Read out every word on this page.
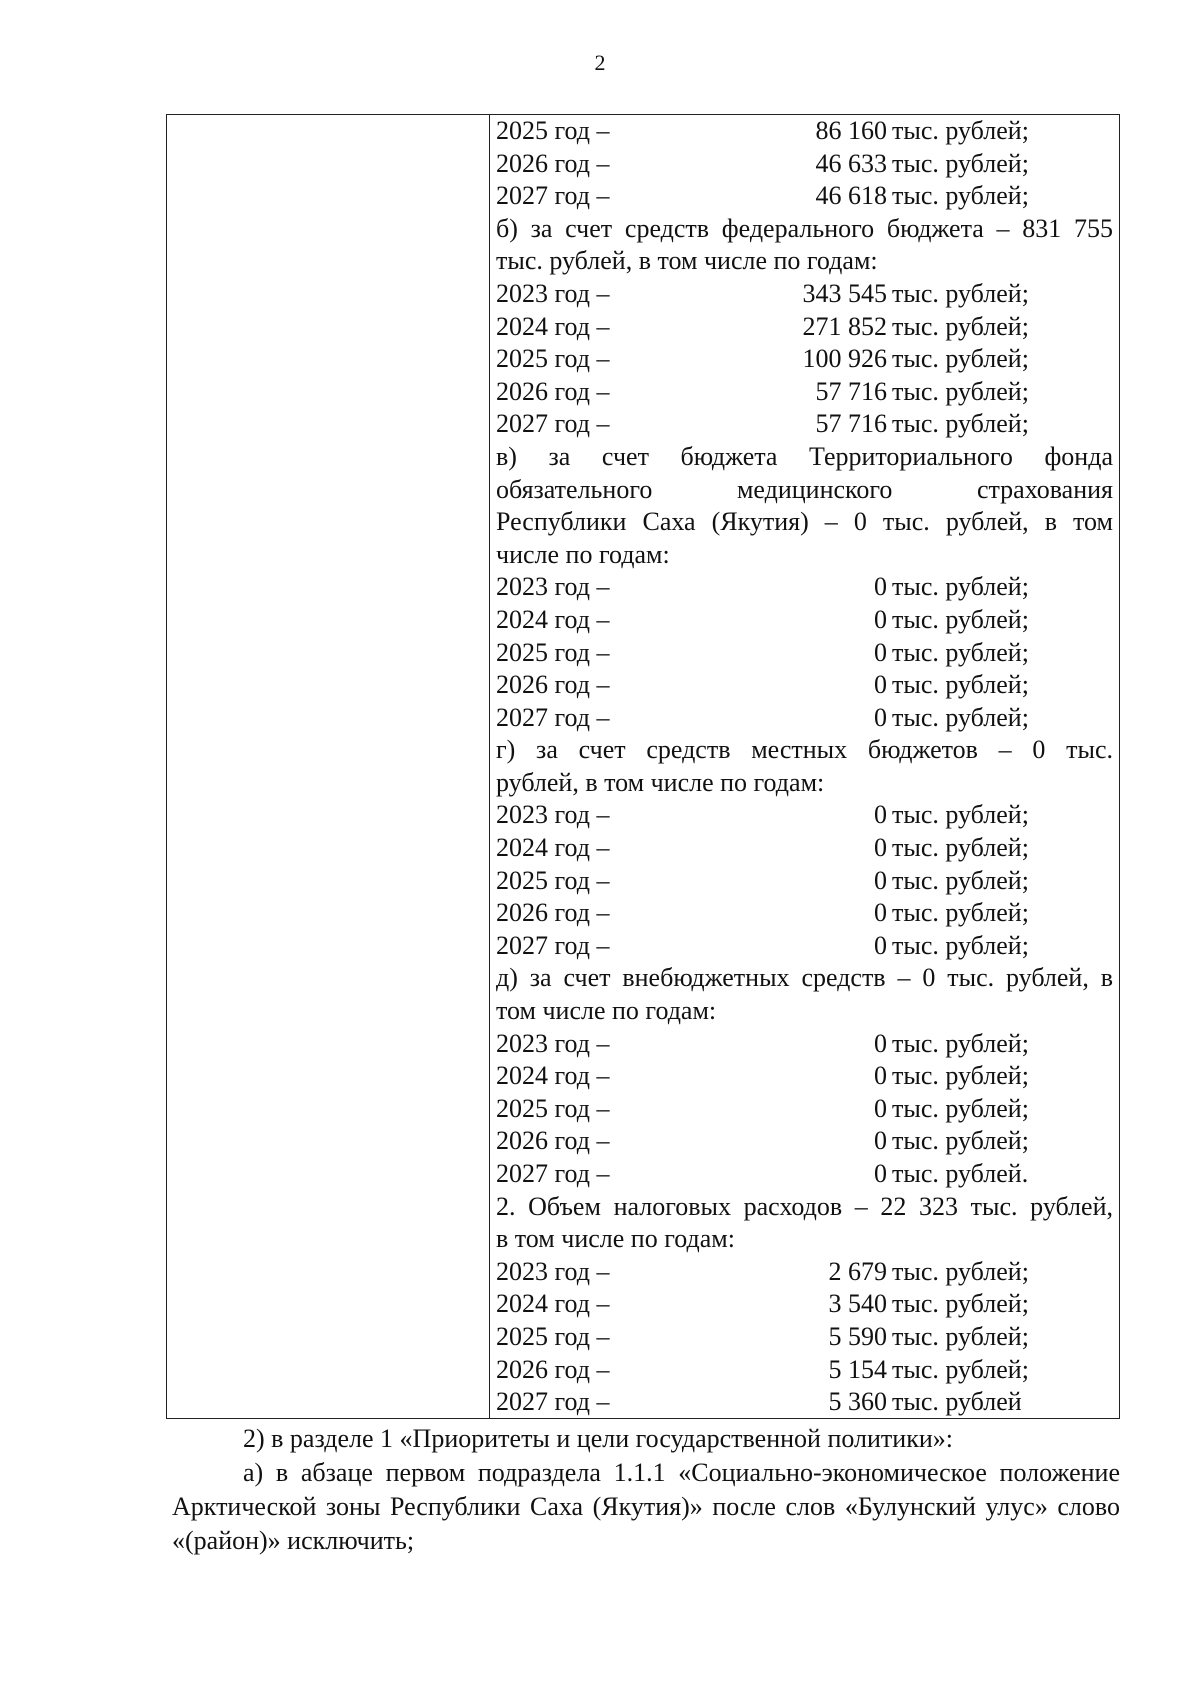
2
2025 год –	86 160 тыс. рублей;
2026 год –	46 633 тыс. рублей;
2027 год –	46 618 тыс. рублей;
б) за счет средств федерального бюджета – 831 755
тыс. рублей, в том числе по годам:
2023 год –	343 545 тыс. рублей;
2024 год –	271 852 тыс. рублей;
2025 год –	100 926 тыс. рублей;
2026 год –	57 716 тыс. рублей;
2027 год –	57 716 тыс. рублей;
в) за счет бюджета Территориального фонда
обязательного медицинского страхования
Республики Саха (Якутия) – 0 тыс. рублей, в том
числе по годам:
2023 год –	0 тыс. рублей;
2024 год –	0 тыс. рублей;
2025 год –	0 тыс. рублей;
2026 год –	0 тыс. рублей;
2027 год –	0 тыс. рублей;
г) за счет средств местных бюджетов – 0 тыс.
рублей, в том числе по годам:
2023 год –	0 тыс. рублей;
2024 год –	0 тыс. рублей;
2025 год –	0 тыс. рублей;
2026 год –	0 тыс. рублей;
2027 год –	0 тыс. рублей;
д) за счет внебюджетных средств – 0 тыс. рублей, в
том числе по годам:
2023 год –	0 тыс. рублей;
2024 год –	0 тыс. рублей;
2025 год –	0 тыс. рублей;
2026 год –	0 тыс. рублей;
2027 год –	0 тыс. рублей.
2. Объем налоговых расходов – 22 323 тыс. рублей,
в том числе по годам:
2023 год –	2 679 тыс. рублей;
2024 год –	3 540 тыс. рублей;
2025 год –	5 590 тыс. рублей;
2026 год –	5 154 тыс. рублей;
2027 год –	5 360 тыс. рублей

2) в разделе 1 «Приоритеты и цели государственной политики»:

а) в абзаце первом подраздела 1.1.1 «Социально-экономическое положение Арктической зоны Республики Саха (Якутия)» после слов «Булунский улус» слово «(район)» исключить;
